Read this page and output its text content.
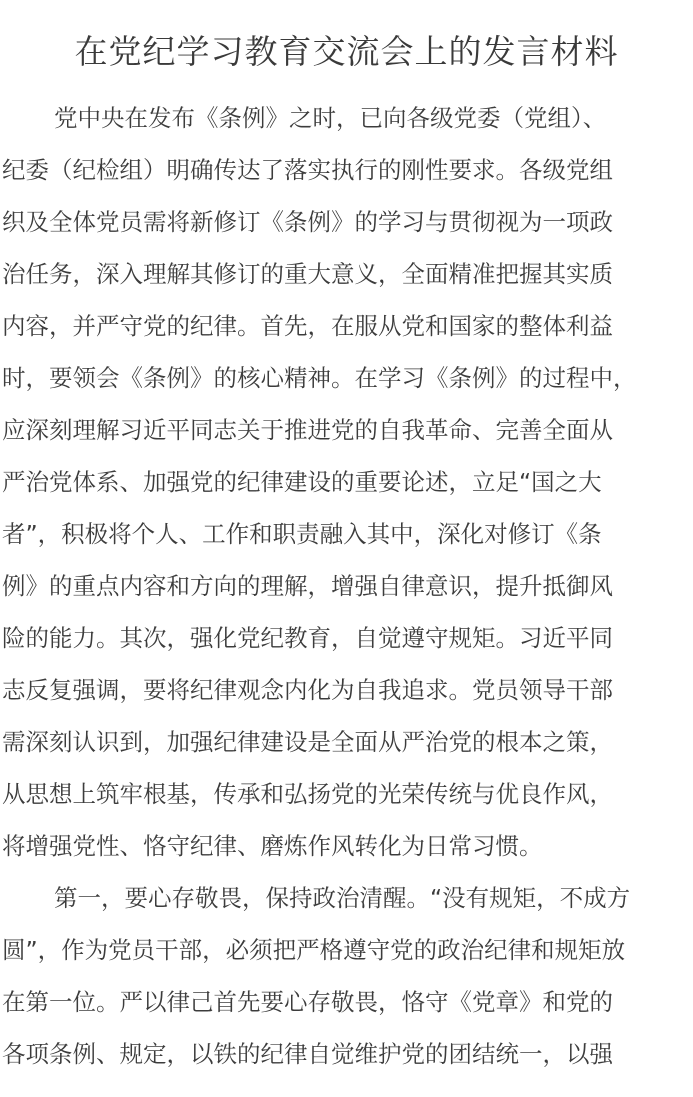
在党纪学习教育交流会上的发言材料
党中央在发布《条例》之时，已向各级党委（党组）、
纪委（纪检组）明确传达了落实执行的刚性要求。各级党组
织及全体党员需将新修订《条例》的学习与贯彻视为一项政
治任务，深入理解其修订的重大意义，全面精准把握其实质
内容，并严守党的纪律。首先，在服从党和国家的整体利益
时，要领会《条例》的核心精神。在学习《条例》的过程中，
应深刻理解习近平同志关于推进党的自我革命、完善全面从
严治党体系、加强党的纪律建设的重要论述，立足“国之大
者”，积极将个人、工作和职责融入其中，深化对修订《条
例》的重点内容和方向的理解，增强自律意识，提升抵御风
险的能力。其次，强化党纪教育，自觉遵守规矩。习近平同
志反复强调，要将纪律观念内化为自我追求。党员领导干部
需深刻认识到，加强纪律建设是全面从严治党的根本之策，
从思想上筑牢根基，传承和弘扬党的光荣传统与优良作风，
将增强党性、恪守纪律、磨炼作风转化为日常习惯。
第一，要心存敬畏，保持政治清醒。“没有规矩，不成方
圆”，作为党员干部，必须把严格遵守党的政治纪律和规矩放
在第一位。严以律己首先要心存敬畏，恪守《党章》和党的
各项条例、规定，以铁的纪律自觉维护党的团结统一，以强
